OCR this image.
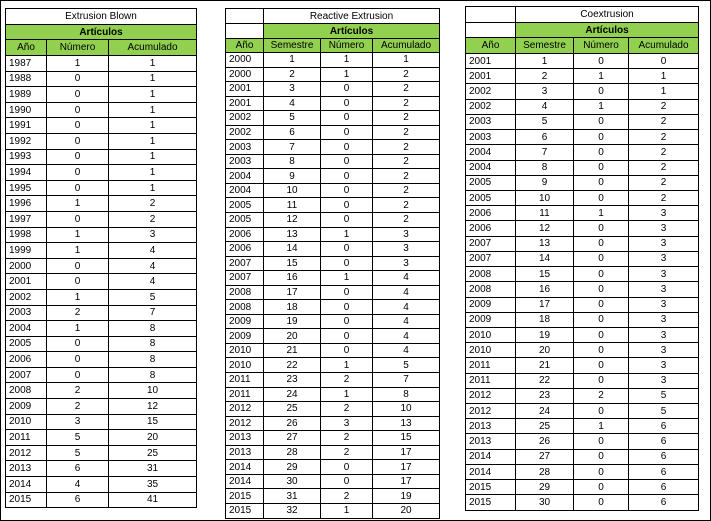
Extrusion Blown		
Artículos		
Año	Número	Acumulado
1987	1	1
1988	0	1
1989	0	1
1990	0	1
1991	0	1
1992	0	1
1993	0	1
1994	0	1
1995	0	1
1996	1	2
1997	0	2
1998	1	3
1999	1	4
2000	0	4
2001	0	4
2002	1	5
2003	2	7
2004	1	8
2005	0	8
2006	0	8
2007	0	8
2008	2	10
2009	2	12
2010	3	15
2011	5	20
2012	5	25
2013	6	31
2014	4	35
2015	6	41
	Reactive Extrusion		
	Artículos		
Año	Semestre	Número	Acumulado
2000	1	1	1
2000	2	1	2
2001	3	0	2
2001	4	0	2
2002	5	0	2
2002	6	0	2
2003	7	0	2
2003	8	0	2
2004	9	0	2
2004	10	0	2
2005	11	0	2
2005	12	0	2
2006	13	1	3
2006	14	0	3
2007	15	0	3
2007	16	1	4
2008	17	0	4
2008	18	0	4
2009	19	0	4
2009	20	0	4
2010	21	0	4
2010	22	1	5
2011	23	2	7
2011	24	1	8
2012	25	2	10
2012	26	3	13
2013	27	2	15
2013	28	2	17
2014	29	0	17
2014	30	0	17
2015	31	2	19
2015	32	1	20
	Coextrusion		
	Artículos		
Año	Semestre	Número	Acumulado
2001	1	0	0
2001	2	1	1
2002	3	0	1
2002	4	1	2
2003	5	0	2
2003	6	0	2
2004	7	0	2
2004	8	0	2
2005	9	0	2
2005	10	0	2
2006	11	1	3
2006	12	0	3
2007	13	0	3
2007	14	0	3
2008	15	0	3
2008	16	0	3
2009	17	0	3
2009	18	0	3
2010	19	0	3
2010	20	0	3
2011	21	0	3
2011	22	0	3
2012	23	2	5
2012	24	0	5
2013	25	1	6
2013	26	0	6
2014	27	0	6
2014	28	0	6
2015	29	0	6
2015	30	0	6
